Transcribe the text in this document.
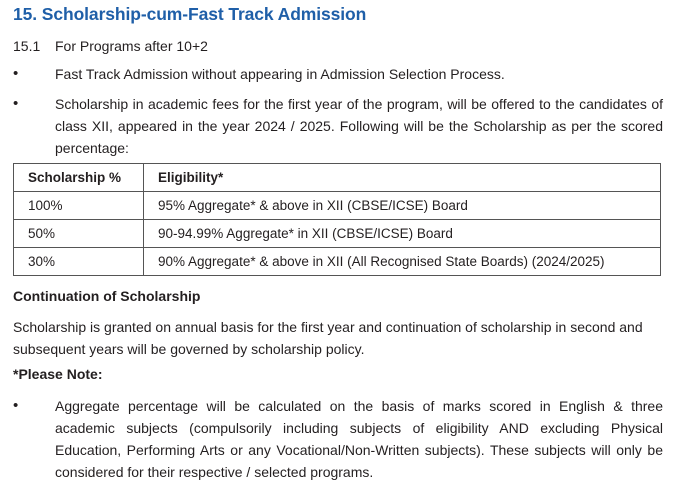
15. Scholarship-cum-Fast Track Admission
15.1 For Programs after 10+2
•	Fast Track Admission without appearing in Admission Selection Process.
•	Scholarship in academic fees for the first year of the program, will be offered to the candidates of class XII, appeared in the year 2024 / 2025. Following will be the Scholarship as per the scored percentage:
Scholarship %	Eligibility*
100%	95% Aggregate* & above in XII (CBSE/ICSE) Board
50%	90-94.99% Aggregate* in XII (CBSE/ICSE) Board
30%	90% Aggregate* & above in XII (All Recognised State Boards) (2024/2025)
Continuation of Scholarship
Scholarship is granted on annual basis for the first year and continuation of scholarship in second and subsequent years will be governed by scholarship policy.
*Please Note:
•	Aggregate percentage will be calculated on the basis of marks scored in English & three academic subjects (compulsorily including subjects of eligibility AND excluding Physical Education, Performing Arts or any Vocational/Non-Written subjects). These subjects will only be considered for their respective / selected programs.
